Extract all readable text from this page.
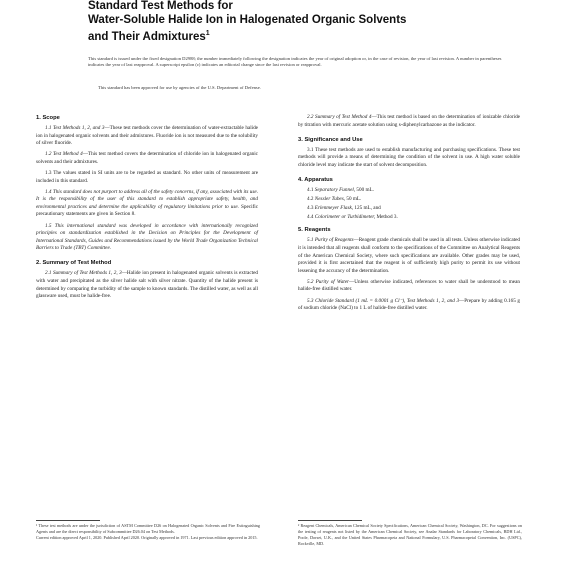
Standard Test Methods for
Water-Soluble Halide Ion in Halogenated Organic Solvents
and Their Admixtures$^1$
This standard is issued under the fixed designation D2988; the number immediately following the designation indicates the year of original adoption or, in the case of revision, the year of last revision. A number in parentheses indicates the year of last reapproval. A superscript epsilon (ε) indicates an editorial change since the last revision or reapproval.
This standard has been approved for use by agencies of the U.S. Department of Defense.
1. Scope
1.1 Test Methods 1, 2, and 3—These test methods cover the determination of water-extractable halide ion in halogenated organic solvents and their admixtures. Fluoride ion is not measured due to the solubility of silver fluoride.
1.2 Test Method 4—This test method covers the determination of chloride ion in halogenated organic solvents and their admixtures.
1.3 The values stated in SI units are to be regarded as standard. No other units of measurement are included in this standard.
1.4 This standard does not purport to address all of the safety concerns, if any, associated with its use. It is the responsibility of the user of this standard to establish appropriate safety, health, and environmental practices and determine the applicability of regulatory limitations prior to use. Specific precautionary statements are given in Section 8.
1.5 This international standard was developed in accordance with internationally recognized principles on standardization established in the Decision on Principles for the Development of International Standards, Guides and Recommendations issued by the World Trade Organization Technical Barriers to Trade (TBT) Committee.
2. Summary of Test Method
2.1 Summary of Test Methods 1, 2, 3—Halide ion present in halogenated organic solvents is extracted with water and precipitated as the silver halide salt with silver nitrate. Quantity of the halide present is determined by comparing the turbidity of the sample to known standards. The distilled water, as well as all glassware used, must be halide-free.
2.2 Summary of Test Method 4—This test method is based on the determination of ionizable chloride by titration with mercuric acetate solution using s-diphenylcarbazone as the indicator.
3. Significance and Use
3.1 These test methods are used to establish manufacturing and purchasing specifications. These test methods will provide a means of determining the condition of the solvent in use. A high water soluble chloride level may indicate the start of solvent decomposition.
4. Apparatus
4.1 Separatory Funnel, 500 mL.
4.2 Nessler Tubes, 50 mL.
4.3 Erlenmeyer Flask, 125 mL, and
4.4 Colorimeter or Turbidimeter, Method 3.
5. Reagents
5.1 Purity of Reagents—Reagent grade chemicals shall be used in all tests. Unless otherwise indicated it is intended that all reagents shall conform to the specifications of the Committee on Analytical Reagents of the American Chemical Society, where such specifications are available. Other grades may be used, provided it is first ascertained that the reagent is of sufficiently high purity to permit its use without lessening the accuracy of the determination.
5.2 Purity of Water—Unless otherwise indicated, references to water shall be understood to mean halide-free distilled water.
5.3 Chloride Standard (1 mL = 0.0001 g Cl⁻), Test Methods 1, 2, and 3—Prepare by adding 0.165 g of sodium chloride (NaCl) to 1 L of halide-free distilled water.
¹ These test methods are under the jurisdiction of ASTM Committee D26 on Halogenated Organic Solvents and Fire Extinguishing Agents and are the direct responsibility of Subcommittee D26.04 on Test Methods.
Current edition approved April 1, 2020. Published April 2020. Originally approved in 1971. Last previous edition approved in 2015.
² Reagent Chemicals, American Chemical Society Specifications, American Chemical Society, Washington, DC. For suggestions on the testing of reagents not listed by the American Chemical Society, see Analar Standards for Laboratory Chemicals, BDH Ltd., Poole, Dorset, U.K., and the United States Pharmacopeia and National Formulary, U.S. Pharmacopeial Convention, Inc. (USPC), Rockville, MD.
